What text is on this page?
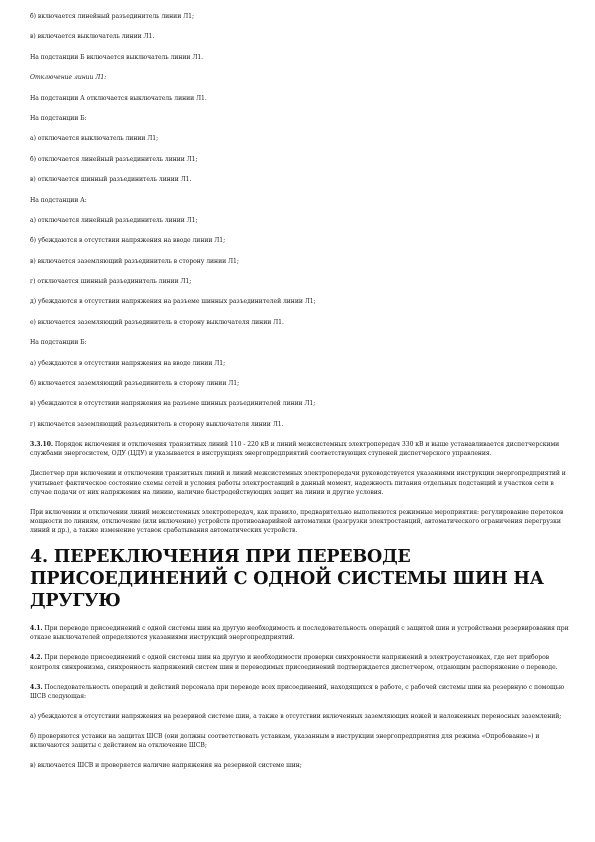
б) включается линейный разъединитель линии Л1;

в) включается выключатель линии Л1.

На подстанции Б включается выключатель линии Л1.

Отключение линии Л1:

На подстанции А отключается выключатель линии Л1.

На подстанции Б:

а) отключается выключатель линии Л1;

б) отключается линейный разъединитель линии Л1;

в) отключается шинный разъединитель линии Л1.

На подстанции А:

а) отключается линейный разъединитель линии Л1;

б) убеждаются в отсутствии напряжения на вводе линии Л1;

в) включается заземляющий разъединитель в сторону линии Л1;

г) отключается шинный разъединитель линии Л1;

д) убеждаются в отсутствии напряжения на разъеме шинных разъединителей линии Л1;

е) включается заземляющий разъединитель в сторону выключателя линии Л1.

На подстанции Б:

а) убеждаются в отсутствии напряжения на вводе линии Л1;

б) включается заземляющий разъединитель в сторону линии Л1;

в) убеждаются в отсутствии напряжения на разъеме шинных разъединителей линии Л1;

г) включается заземляющий разъединитель в сторону выключателя линии Л1.

3.3.10. Порядок включения и отключения транзитных линий 110 - 220 кВ и линий межсистемных электропередач 330 кВ и выше устанавливается диспетчерскими службами энергосистем, ОДУ (ЦДУ) и указывается в инструкциях энергопредприятий соответствующих ступеней диспетчерского управления.

Диспетчер при включении и отключении транзитных линий и линий межсистемных электропередачи руководствуется указаниями инструкции энергопредприятий и учитывает фактическое состояние схемы сетей и условия работы электростанций в данный момент, надежность питания отдельных подстанций и участков сети в случае подачи от них напряжения на линию, наличие быстродействующих защит на линии и другие условия.

При включении и отключении линий межсистемных электропередач, как правило, предварительно выполняются режимные мероприятия: регулирование перетоков мощности по линиям, отключение (или включение) устройств противоаварийной автоматики (разгрузки электростанций, автоматического ограничения перегрузки линий и др.), а также изменение уставок срабатывания автоматических устройств.

4. ПЕРЕКЛЮЧЕНИЯ ПРИ ПЕРЕВОДЕ ПРИСОЕДИНЕНИЙ С ОДНОЙ СИСТЕМЫ ШИН НА ДРУГУЮ

4.1. При переводе присоединений с одной системы шин на другую необходимость и последовательность операций с защитой шин и устройствами резервирования при отказе выключателей определяются указаниями инструкций энергопредприятий.

4.2. При переводе присоединений с одной системы шин на другую и необходимости проверки синхронности напряжений в электроустановках, где нет приборов контроля синхронизма, синхронность напряжений систем шин и переводимых присоединений подтверждается диспетчером, отдающим распоряжение о переводе.

4.3. Последовательность операций и действий персонала при переводе всех присоединений, находящихся в работе, с рабочей системы шин на резервную с помощью ШСВ следующая:

а) убеждаются в отсутствии напряжения на резервной системе шин, а также в отсутствии включенных заземляющих ножей и наложенных переносных заземлений;

б) проверяются уставки на защитах ШСВ (они должны соответствовать уставкам, указанным в инструкции энергопредприятия для режима «Опробование») и включаются защиты с действием на отключение ШСВ;

в) включается ШСВ и проверяется наличие напряжения на резервной системе шин;
